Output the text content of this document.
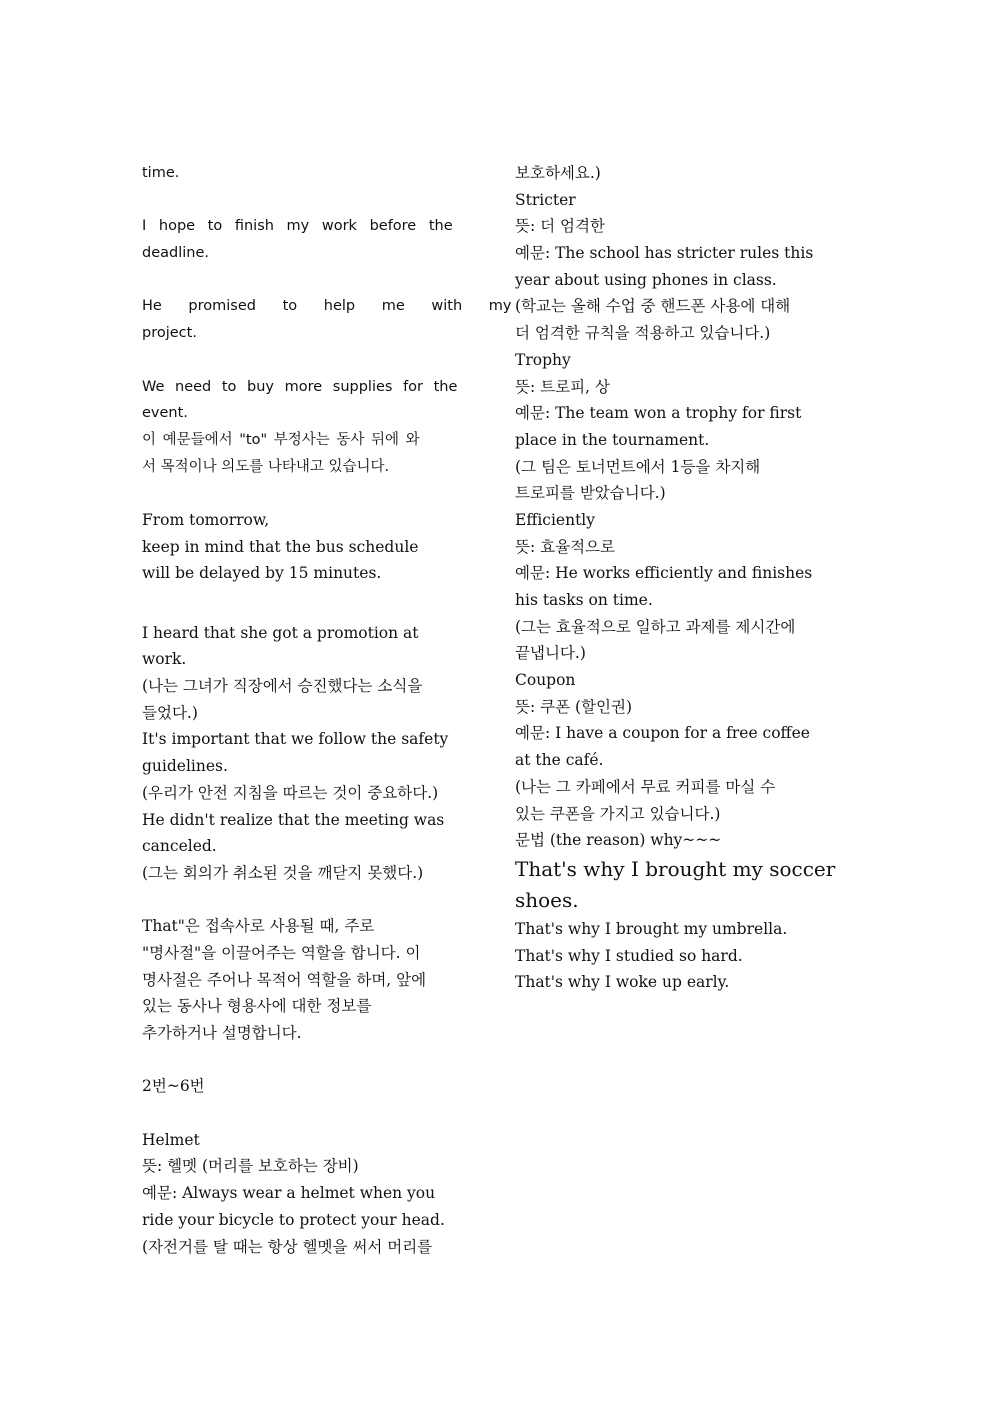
time.
I hope to finish my work before the
deadline.
He promised to help me with my
project.
We need to buy more supplies for the
event.
이 예문들에서 "to" 부정사는 동사 뒤에 와
서 목적이나 의도를 나타내고 있습니다.
From tomorrow,
keep in mind that the bus schedule
will be delayed by 15 minutes.
I heard that she got a promotion at
work.
(나는 그녀가 직장에서 승진했다는 소식을
들었다.)
It's important that we follow the safety
guidelines.
(우리가 안전 지침을 따르는 것이 중요하다.)
He didn't realize that the meeting was
canceled.
(그는 회의가 취소된 것을 깨닫지 못했다.)
That"은 접속사로 사용될 때, 주로
"명사절"을 이끌어주는 역할을 합니다. 이
명사절은 주어나 목적어 역할을 하며, 앞에
있는 동사나 형용사에 대한 정보를
추가하거나 설명합니다.
2번~6번
Helmet
뜻: 헬멧 (머리를 보호하는 장비)
예문: Always wear a helmet when you
ride your bicycle to protect your head.
(자전거를 탈 때는 항상 헬멧을 써서 머리를
보호하세요.)
Stricter
뜻: 더 엄격한
예문: The school has stricter rules this
year about using phones in class.
(학교는 올해 수업 중 핸드폰 사용에 대해
더 엄격한 규칙을 적용하고 있습니다.)
Trophy
뜻: 트로피, 상
예문: The team won a trophy for first
place in the tournament.
(그 팀은 토너먼트에서 1등을 차지해
트로피를 받았습니다.)
Efficiently
뜻: 효율적으로
예문: He works efficiently and finishes
his tasks on time.
(그는 효율적으로 일하고 과제를 제시간에
끝냅니다.)
Coupon
뜻: 쿠폰 (할인권)
예문: I have a coupon for a free coffee
at the café.
(나는 그 카페에서 무료 커피를 마실 수
있는 쿠폰을 가지고 있습니다.)
문법 (the reason) why~~~
That's why I brought my soccer
shoes.
That's why I brought my umbrella.
That's why I studied so hard.
That's why I woke up early.
